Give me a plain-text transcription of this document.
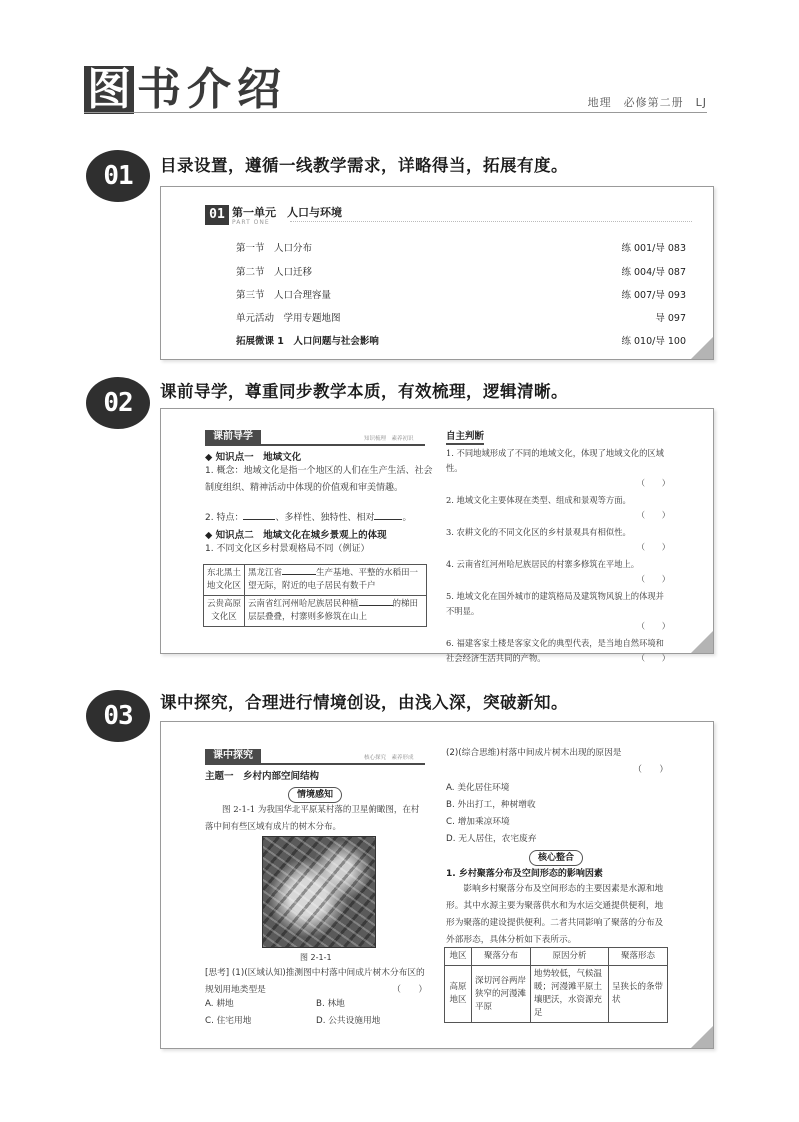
图 书 介 绍	地理　必修第二册　LJ
01	目录设置，遵循一线教学需求，详略得当，拓展有度。
01 第一单元　人口与环境
PART ONE
第一节　人口分布	练 001/导 083
第二节　人口迁移	练 004/导 087
第三节　人口合理容量	练 007/导 093
单元活动　学用专题地图	导 097
拓展微课 1　人口问题与社会影响	练 010/导 100
02	课前导学，尊重同步教学本质，有效梳理，逻辑清晰。
课前导学	知识梳理　素养初识
◆ 知识点一　地域文化
1. 概念：地域文化是指一个地区的人们在生产生活、社会制度组织、精神活动中体现的价值观和审美情趣。
2. 特点：	、多样性、独特性、相对	。
◆ 知识点二　地域文化在城乡景观上的体现
1. 不同文化区乡村景观格局不同（例证）
东北黑土地文化区	黑龙江省 生产基地、平整的水稻田一望无际，附近的电子居民有数千户
云贵高原文化区	云南省红河州哈尼族居民种植 的梯田层层叠叠，村寨则多修筑在山上
自主判断
1. 不同地域形成了不同的地域文化，体现了地域文化的区域性。
（　　）
2. 地域文化主要体现在类型、组成和景观等方面。
（　　）
3. 农耕文化的不同文化区的乡村景观具有相似性。
（　　）
4. 云南省红河州哈尼族居民的村寨多修筑在平地上。
（　　）
5. 地域文化在国外城市的建筑格局及建筑物风貌上的体现并不明显。
（　　）
6. 福建客家土楼是客家文化的典型代表，是当地自然环境和社会经济生活共同的产物。	（　　）
03	课中探究，合理进行情境创设，由浅入深，突破新知。
课中探究	核心探究　素养形成
主题一　乡村内部空间结构
情境感知
图 2-1-1 为我国华北平原某村落的卫星俯瞰图，在村落中间有些区域有成片的树木分布。
图 2-1-1
[思考] (1)(区域认知)推测图中村落中间成片树木分布区的规划用地类型是	（　　）
A. 耕地	B. 林地
C. 住宅用地	D. 公共设施用地
(2)(综合思维)村落中间成片树木出现的原因是
（　　）
A. 美化居住环境
B. 外出打工，种树增收
C. 增加乘凉环境
D. 无人居住，农宅废弃
核心整合
1. 乡村聚落分布及空间形态的影响因素
影响乡村聚落分布及空间形态的主要因素是水源和地形。其中水源主要为聚落供水和为水运交通提供便利，地形为聚落的建设提供便利。二者共同影响了聚落的分布及外部形态，具体分析如下表所示。
地区	聚落分布	原因分析	聚落形态
高原地区	深切河谷两岸狭窄的河漫滩平原	地势较低，气候温暖；河漫滩平原土壤肥沃，水资源充足	呈狭长的条带状
